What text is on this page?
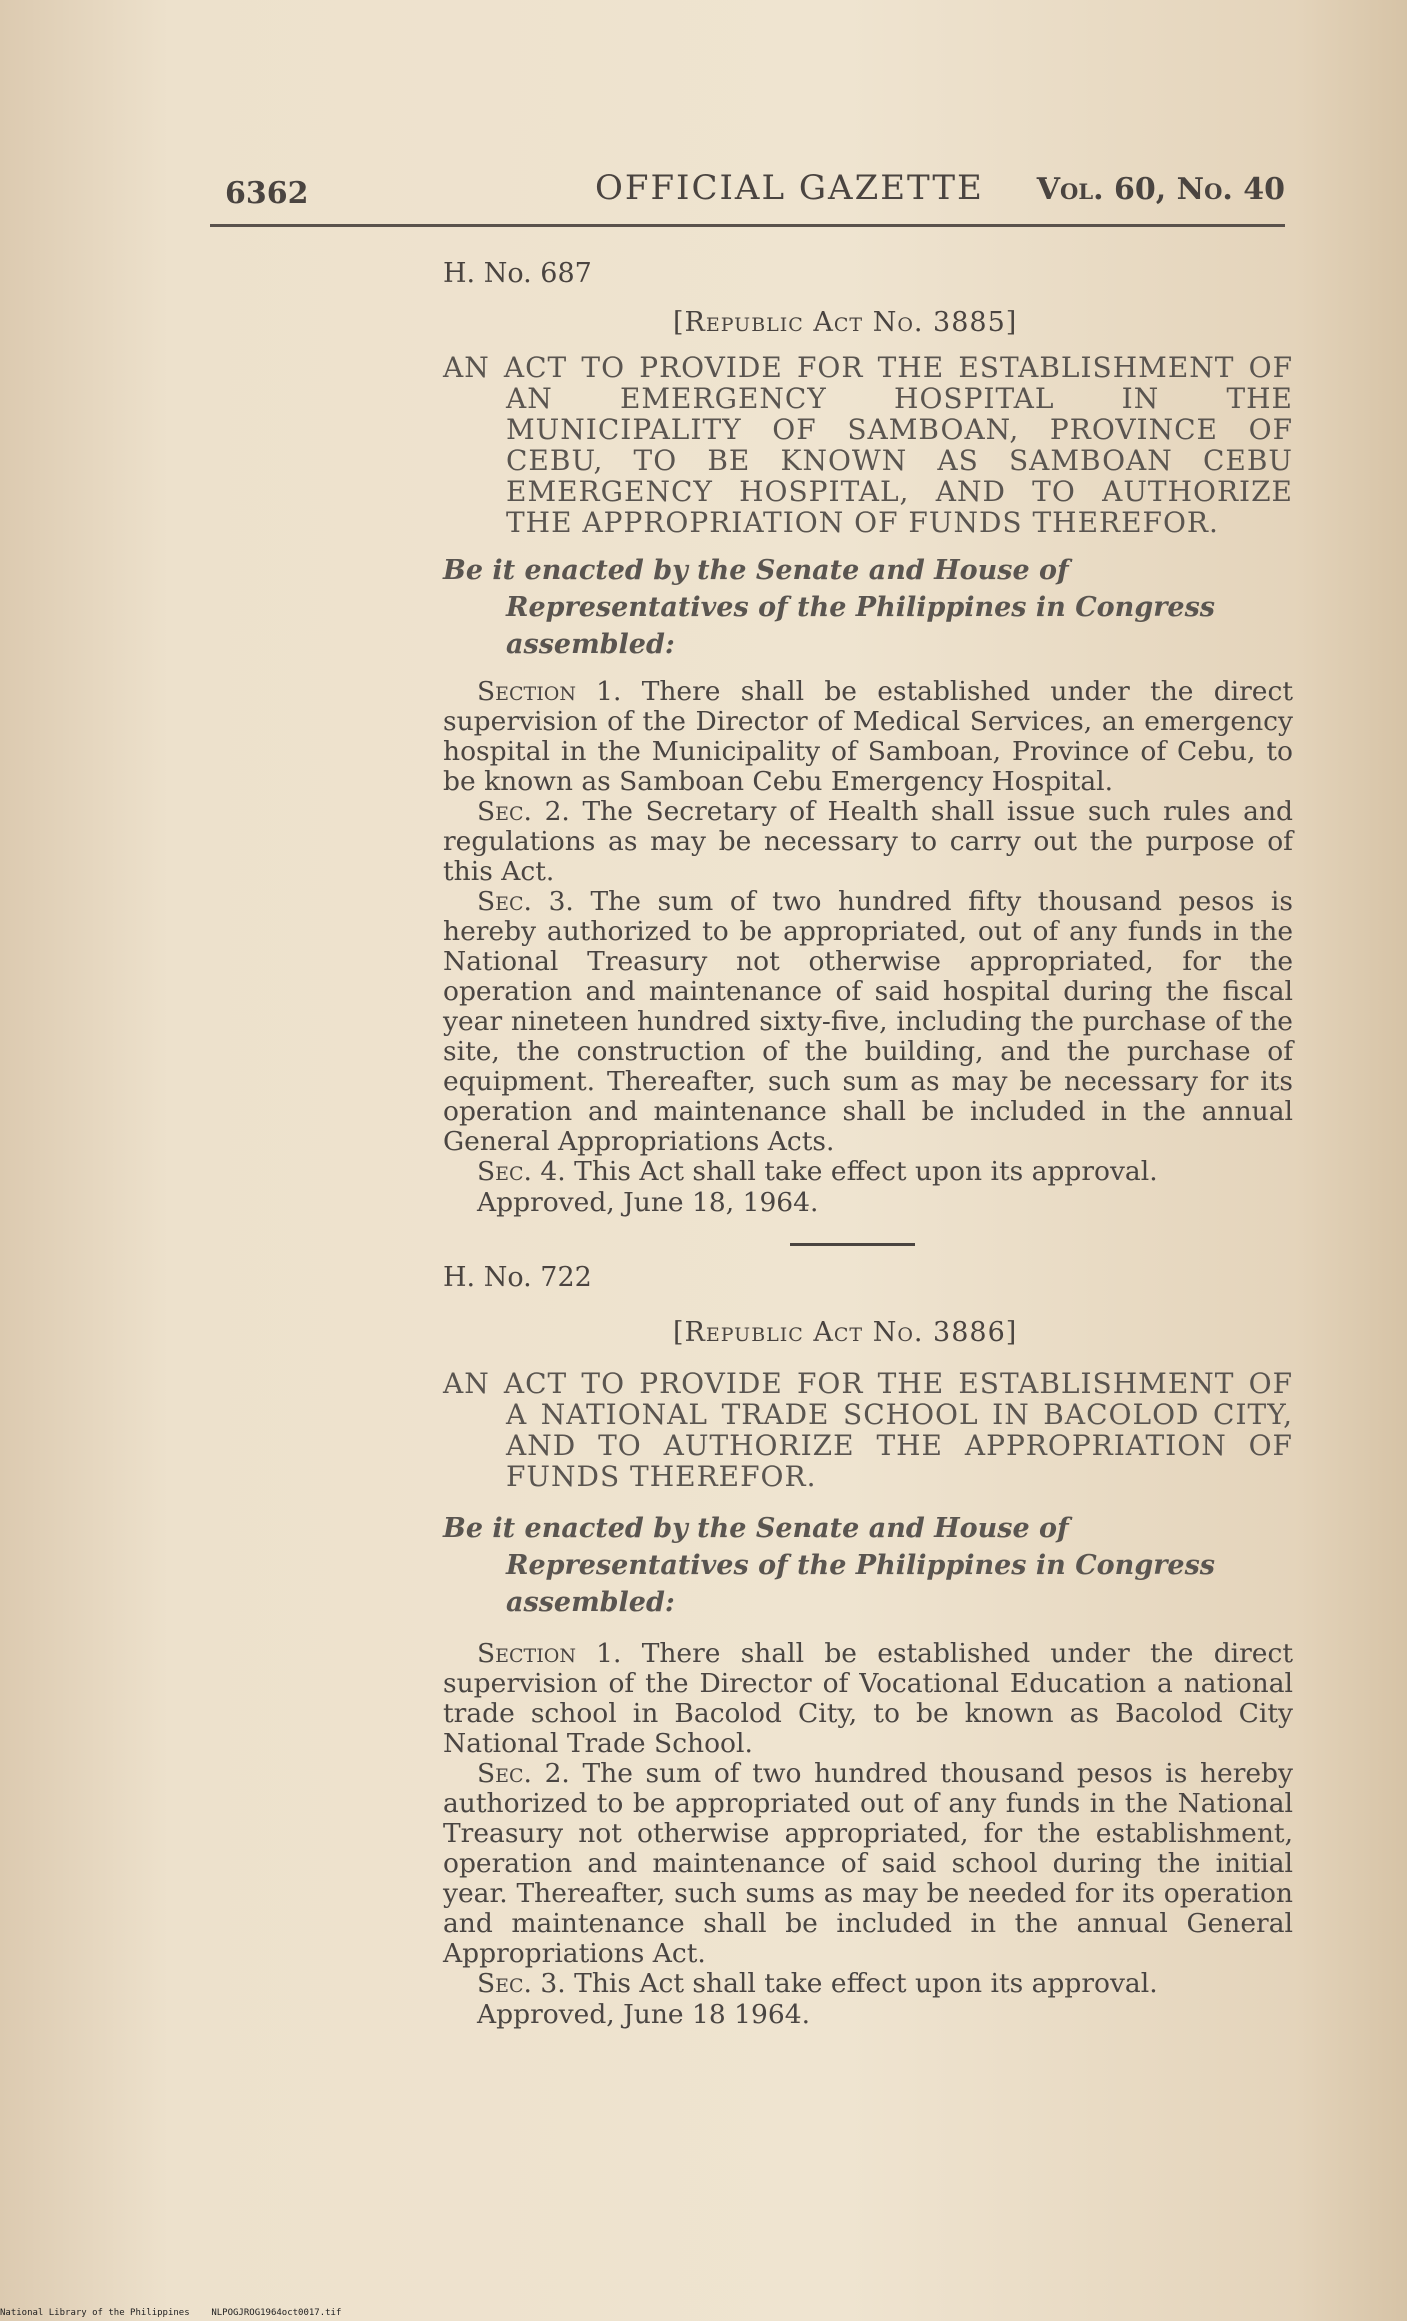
6362	OFFICIAL GAZETTE Vol. 60, No. 40
H. No. 687
[Republic Act No. 3885]
AN ACT TO PROVIDE FOR THE ESTABLISHMENT OF AN EMERGENCY HOSPITAL IN THE MUNICIPALITY OF SAMBOAN, PROVINCE OF CEBU, TO BE KNOWN AS SAMBOAN CEBU EMERGENCY HOSPITAL, AND TO AUTHORIZE THE APPROPRIATION OF FUNDS THEREFOR.
Be it enacted by the Senate and House of Representatives of the Philippines in Congress assembled:

Section 1. There shall be established under the direct supervision of the Director of Medical Services, an emergency hospital in the Municipality of Samboan, Province of Cebu, to be known as Samboan Cebu Emergency Hospital.

Sec. 2. The Secretary of Health shall issue such rules and regulations as may be necessary to carry out the purpose of this Act.

Sec. 3. The sum of two hundred fifty thousand pesos is hereby authorized to be appropriated, out of any funds in the National Treasury not otherwise appropriated, for the operation and maintenance of said hospital during the fiscal year nineteen hundred sixty-five, including the purchase of the site, the construction of the building, and the purchase of equipment. Thereafter, such sum as may be necessary for its operation and maintenance shall be included in the annual General Appropriations Acts.

Sec. 4. This Act shall take effect upon its approval.

Approved, June 18, 1964.
H. No. 722
[Republic Act No. 3886]
AN ACT TO PROVIDE FOR THE ESTABLISHMENT OF A NATIONAL TRADE SCHOOL IN BACOLOD CITY, AND TO AUTHORIZE THE APPROPRIATION OF FUNDS THEREFOR.
Be it enacted by the Senate and House of Representatives of the Philippines in Congress assembled:

Section 1. There shall be established under the direct supervision of the Director of Vocational Education a national trade school in Bacolod City, to be known as Bacolod City National Trade School.

Sec. 2. The sum of two hundred thousand pesos is hereby authorized to be appropriated out of any funds in the National Treasury not otherwise appropriated, for the establishment, operation and maintenance of said school during the initial year. Thereafter, such sums as may be needed for its operation and maintenance shall be included in the annual General Appropriations Act.

Sec. 3. This Act shall take effect upon its approval.

Approved, June 18 1964.
National Library of the Philippines NLPOGJROG1964oct0017.tif
